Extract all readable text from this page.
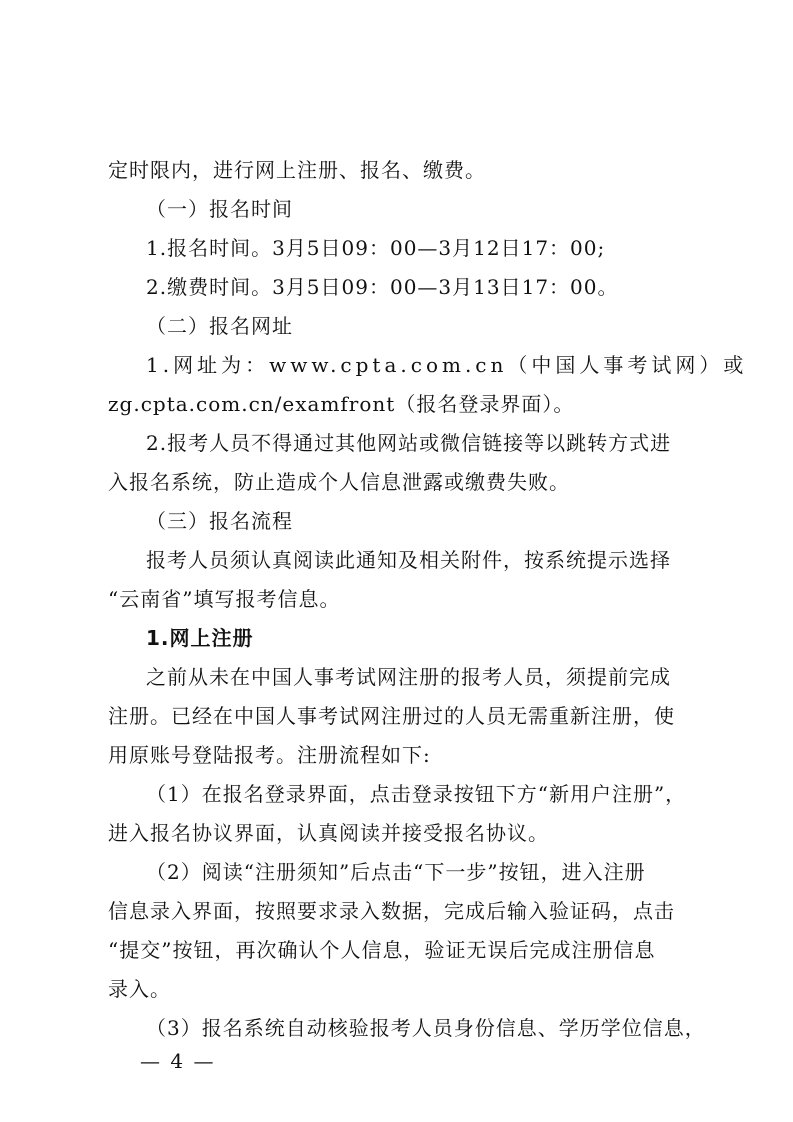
定时限内，进行网上注册、报名、缴费。
（一）报名时间
1.报名时间。3月5日09：00—3月12日17：00;
2.缴费时间。3月5日09：00—3月13日17：00。
（二）报名网址
1.网址为：www.cpta.com.cn（中国人事考试网）或
zg.cpta.com.cn/examfront（报名登录界面）。
2.报考人员不得通过其他网站或微信链接等以跳转方式进
入报名系统，防止造成个人信息泄露或缴费失败。
（三）报名流程
报考人员须认真阅读此通知及相关附件，按系统提示选择
“云南省”填写报考信息。
1.网上注册
之前从未在中国人事考试网注册的报考人员，须提前完成
注册。已经在中国人事考试网注册过的人员无需重新注册，使
用原账号登陆报考。注册流程如下:
（1）在报名登录界面，点击登录按钮下方“新用户注册”，
进入报名协议界面，认真阅读并接受报名协议。
（2）阅读“注册须知”后点击“下一步”按钮，进入注册
信息录入界面，按照要求录入数据，完成后输入验证码，点击
“提交”按钮，再次确认个人信息，验证无误后完成注册信息
录入。
（3）报名系统自动核验报考人员身份信息、学历学位信息，
— 4 —
